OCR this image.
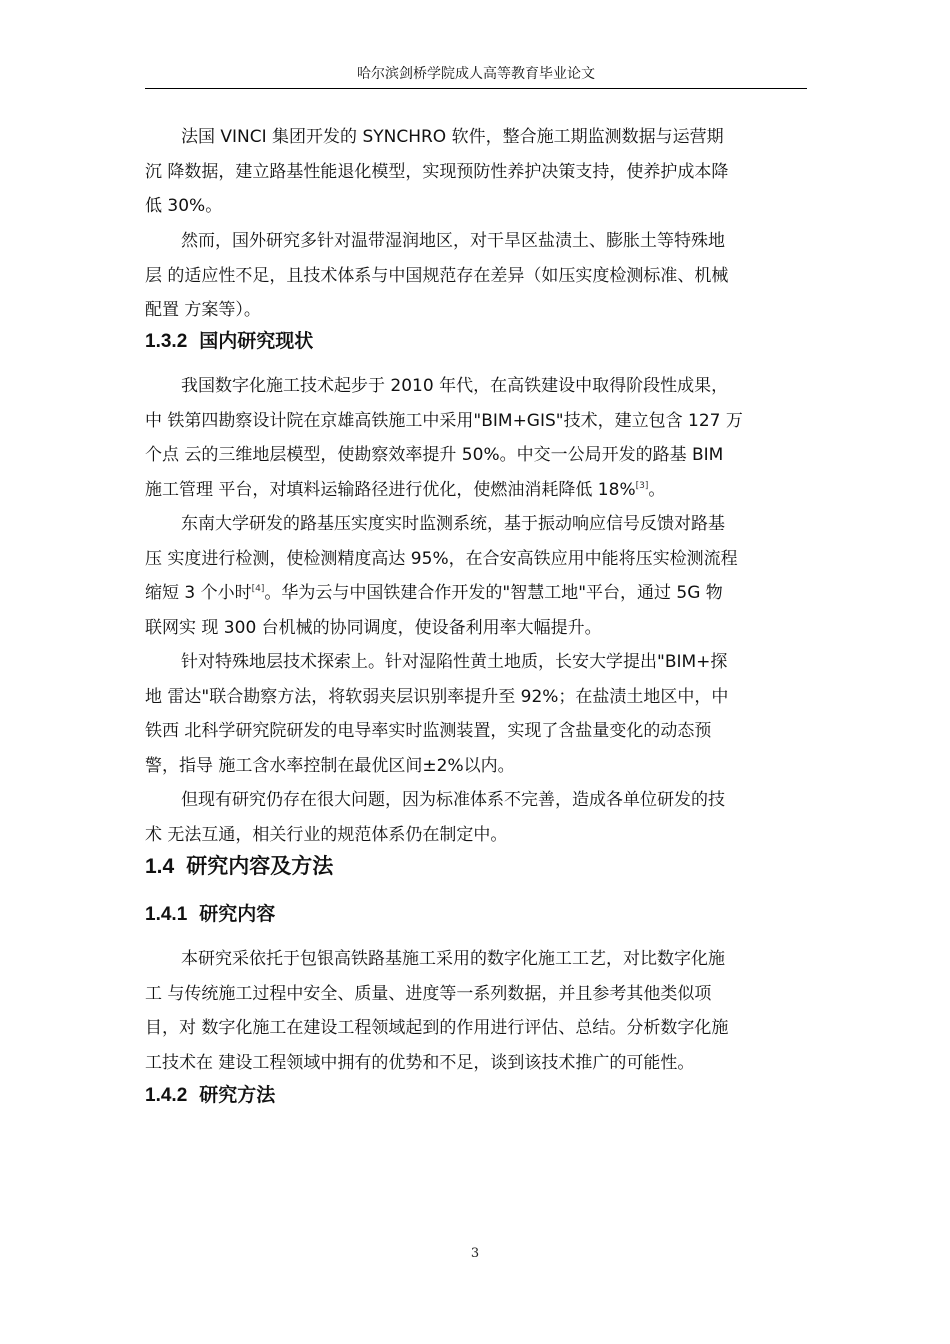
哈尔滨剑桥学院成人高等教育毕业论文

法国 VINCI 集团开发的 SYNCHRO 软件，整合施工期监测数据与运营期
沉 降数据，建立路基性能退化模型，实现预防性养护决策支持，使养护成本降
低 30%。

然而，国外研究多针对温带湿润地区，对干旱区盐渍土、膨胀土等特殊地
层 的适应性不足，且技术体系与中国规范存在差异（如压实度检测标准、机械
配置 方案等）。

1.3.2 国内研究现状

我国数字化施工技术起步于 2010 年代，在高铁建设中取得阶段性成果，
中 铁第四勘察设计院在京雄高铁施工中采用"BIM+GIS"技术，建立包含 127 万
个点 云的三维地层模型，使勘察效率提升 50%。中交一公局开发的路基 BIM
施工管理 平台，对填料运输路径进行优化，使燃油消耗降低 18%[3]。

东南大学研发的路基压实度实时监测系统，基于振动响应信号反馈对路基
压 实度进行检测，使检测精度高达 95%，在合安高铁应用中能将压实检测流程
缩短 3 个小时[4]。华为云与中国铁建合作开发的"智慧工地"平台，通过 5G 物
联网实 现 300 台机械的协同调度，使设备利用率大幅提升。

针对特殊地层技术探索上。针对湿陷性黄土地质，长安大学提出"BIM+探
地 雷达"联合勘察方法，将软弱夹层识别率提升至 92%；在盐渍土地区中，中
铁西 北科学研究院研发的电导率实时监测装置，实现了含盐量变化的动态预
警，指导 施工含水率控制在最优区间±2%以内。

但现有研究仍存在很大问题，因为标准体系不完善，造成各单位研发的技
术 无法互通，相关行业的规范体系仍在制定中。

1.4 研究内容及方法
1.4.1 研究内容

本研究采依托于包银高铁路基施工采用的数字化施工工艺，对比数字化施
工 与传统施工过程中安全、质量、进度等一系列数据，并且参考其他类似项
目，对 数字化施工在建设工程领域起到的作用进行评估、总结。分析数字化施
工技术在 建设工程领域中拥有的优势和不足，谈到该技术推广的可能性。

1.4.2 研究方法
3
